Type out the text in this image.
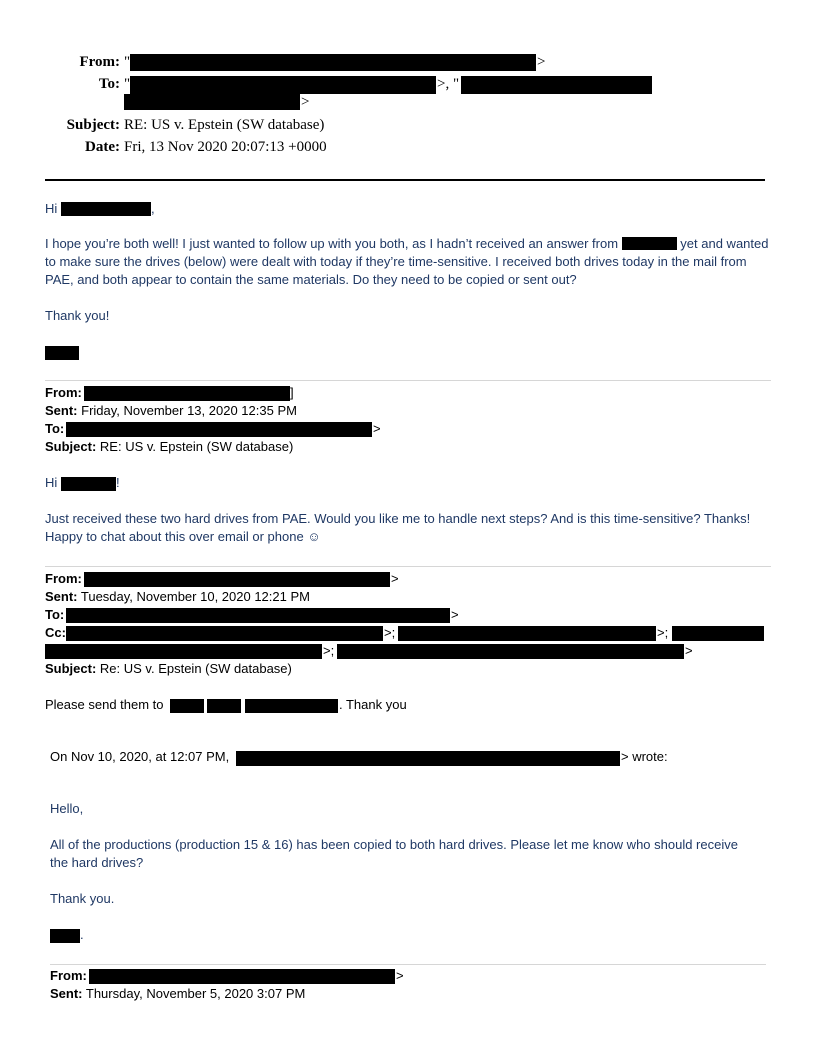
From: "	>
To: "	>, "
>
Subject: RE: US v. Epstein (SW database)
Date: Fri, 13 Nov 2020 20:07:13 +0000
Hi	,
I hope you’re both well! I just wanted to follow up with you both, as I hadn’t received an answer from	yet and wanted to make sure the drives (below) were dealt with today if they’re time-sensitive. I received both drives today in the mail from PAE, and both appear to contain the same materials. Do they need to be copied or sent out?
Thank you!
From:	]
Sent: Friday, November 13, 2020 12:35 PM
To:	>
Subject: RE: US v. Epstein (SW database)
Hi	!
Just received these two hard drives from PAE. Would you like me to handle next steps? And is this time-sensitive? Thanks! Happy to chat about this over email or phone ☺
From:	>
Sent: Tuesday, November 10, 2020 12:21 PM
To:	>
Cc:	>;	>;
>;	>
Subject: Re: US v. Epstein (SW database)
Please send them to	. Thank you
On Nov 10, 2020, at 12:07 PM,	> wrote:
Hello,
All of the productions (production 15 & 16) has been copied to both hard drives. Please let me know who should receive the hard drives?
Thank you.
.
From:	>
Sent: Thursday, November 5, 2020 3:07 PM
